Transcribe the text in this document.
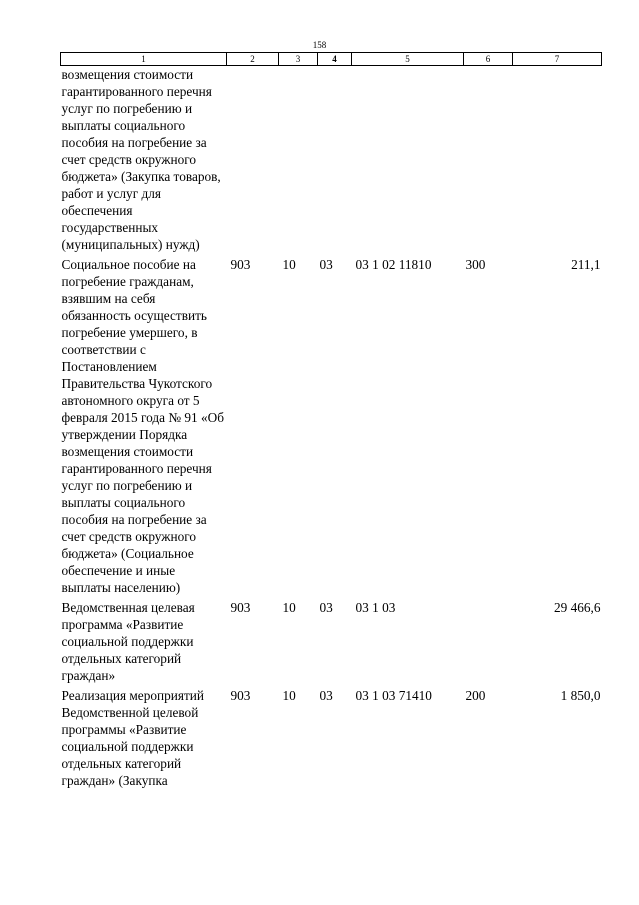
158
1	2	3	4	5	6	7
возмещения стоимости гарантированного перечня услуг по погребению и выплаты социального пособия на погребение за счет средств окружного бюджета» (Закупка товаров, работ и услуг для обеспечения государственных (муниципальных) нужд)						
Социальное пособие на погребение гражданам, взявшим на себя обязанность осуществить погребение умершего, в соответствии с Постановлением Правительства Чукотского автономного округа от 5 февраля 2015 года № 91 «Об утверждении Порядка возмещения стоимости гарантированного перечня услуг по погребению и выплаты социального пособия на погребение за счет средств окружного бюджета» (Социальное обеспечение и иные выплаты населению)	903	10	03	03 1 02 11810	300	211,1
Ведомственная целевая программа «Развитие социальной поддержки отдельных категорий граждан»	903	10	03	03 1 03		29 466,6
Реализация мероприятий Ведомственной целевой программы «Развитие социальной поддержки отдельных категорий граждан» (Закупка	903	10	03	03 1 03 71410	200	1 850,0
